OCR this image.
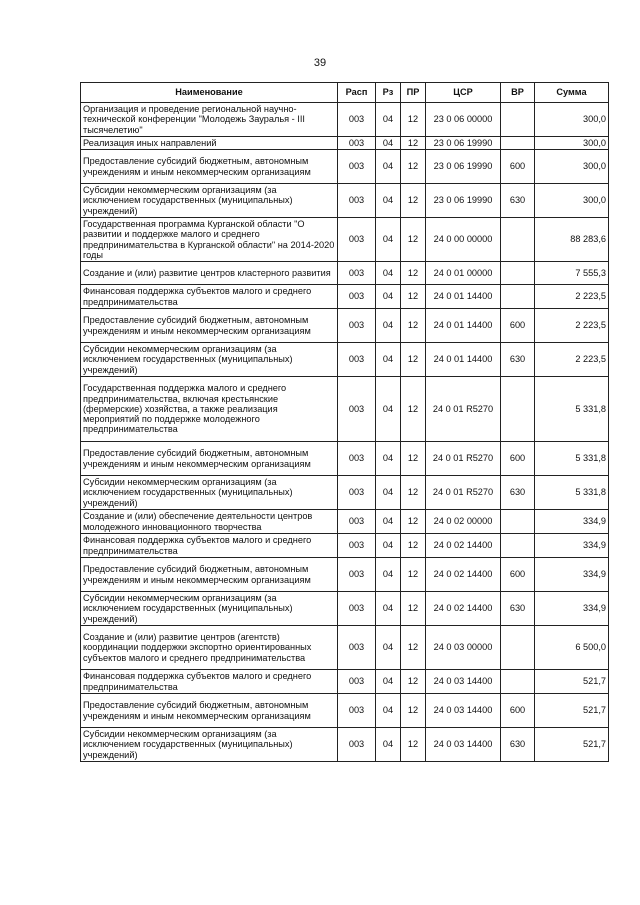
39
Наименование	Расп	Рз	ПР	ЦСР	ВР	Сумма
Организация и проведение региональной научно-технической конференции "Молодежь Зауралья - III тысячелетию"	003	04	12	23 0 06 00000		300,0
Реализация иных направлений	003	04	12	23 0 06 19990		300,0
Предоставление субсидий бюджетным, автономным учреждениям и иным некоммерческим организациям	003	04	12	23 0 06 19990	600	300,0
Субсидии некоммерческим организациям (за исключением государственных (муниципальных) учреждений)	003	04	12	23 0 06 19990	630	300,0
Государственная программа Курганской области "О развитии и поддержке малого и среднего предпринимательства в Курганской области" на 2014-2020 годы	003	04	12	24 0 00 00000		88 283,6
Создание и (или) развитие центров кластерного развития	003	04	12	24 0 01 00000		7 555,3
Финансовая поддержка субъектов малого и среднего предпринимательства	003	04	12	24 0 01 14400		2 223,5
Предоставление субсидий бюджетным, автономным учреждениям и иным некоммерческим организациям	003	04	12	24 0 01 14400	600	2 223,5
Субсидии некоммерческим организациям (за исключением государственных (муниципальных) учреждений)	003	04	12	24 0 01 14400	630	2 223,5
Государственная поддержка малого и среднего предпринимательства, включая крестьянские (фермерские) хозяйства, а также реализация мероприятий по поддержке молодежного предпринимательства	003	04	12	24 0 01 R5270		5 331,8
Предоставление субсидий бюджетным, автономным учреждениям и иным некоммерческим организациям	003	04	12	24 0 01 R5270	600	5 331,8
Субсидии некоммерческим организациям (за исключением государственных (муниципальных) учреждений)	003	04	12	24 0 01 R5270	630	5 331,8
Создание и (или) обеспечение деятельности центров молодежного инновационного творчества	003	04	12	24 0 02 00000		334,9
Финансовая поддержка субъектов малого и среднего предпринимательства	003	04	12	24 0 02 14400		334,9
Предоставление субсидий бюджетным, автономным учреждениям и иным некоммерческим организациям	003	04	12	24 0 02 14400	600	334,9
Субсидии некоммерческим организациям (за исключением государственных (муниципальных) учреждений)	003	04	12	24 0 02 14400	630	334,9
Создание и (или) развитие центров (агентств) координации поддержки экспортно ориентированных субъектов малого и среднего предпринимательства	003	04	12	24 0 03 00000		6 500,0
Финансовая поддержка субъектов малого и среднего предпринимательства	003	04	12	24 0 03 14400		521,7
Предоставление субсидий бюджетным, автономным учреждениям и иным некоммерческим организациям	003	04	12	24 0 03 14400	600	521,7
Субсидии некоммерческим организациям (за исключением государственных (муниципальных) учреждений)	003	04	12	24 0 03 14400	630	521,7
